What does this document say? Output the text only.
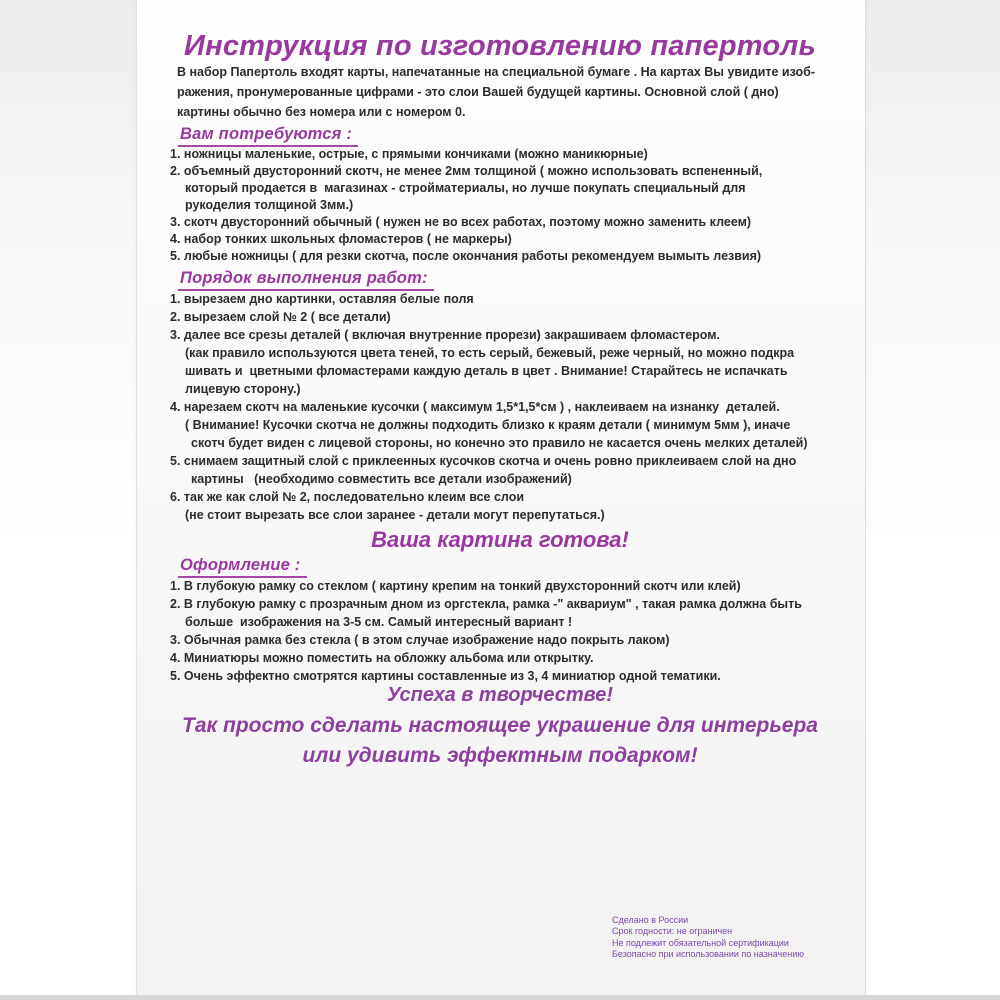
Инструкция по изготовлению папертоль
В набор Папертоль входят карты, напечатанные на специальной бумаге . На картах Вы увидите изоб-
ражения, пронумерованные цифрами - это слои Вашей будущей картины. Основной слой ( дно)
картины обычно без номера или с номером 0.
Вам потребуются :
1. ножницы маленькие, острые, с прямыми кончиками (можно маникюрные)
2. объемный двусторонний скотч, не менее 2мм толщиной ( можно использовать вспененный,
который продается в  магазинах - стройматериалы, но лучше покупать специальный для
рукоделия толщиной 3мм.)
3. скотч двусторонний обычный ( нужен не во всех работах, поэтому можно заменить клеем)
4. набор тонких школьных фломастеров ( не маркеры)
5. любые ножницы ( для резки скотча, после окончания работы рекомендуем вымыть лезвия)
Порядок выполнения работ:
1. вырезаем дно картинки, оставляя белые поля
2. вырезаем слой № 2 ( все детали)
3. далее все срезы деталей ( включая внутренние прорези) закрашиваем фломастером.
(как правило используются цвета теней, то есть серый, бежевый, реже черный, но можно подкра
шивать и  цветными фломастерами каждую деталь в цвет . Внимание! Старайтесь не испачкать
лицевую сторону.)
4. нарезаем скотч на маленькие кусочки ( максимум 1,5*1,5*см ) , наклеиваем на изнанку  деталей.
( Внимание! Кусочки скотча не должны подходить близко к краям детали ( минимум 5мм ), иначе
скотч будет виден с лицевой стороны, но конечно это правило не касается очень мелких деталей)
5. снимаем защитный слой с приклеенных кусочков скотча и очень ровно приклеиваем слой на дно
картины   (необходимо совместить все детали изображений)
6. так же как слой № 2, последовательно клеим все слои
(не стоит вырезать все слои заранее - детали могут перепутаться.)
Ваша картина готова!
Оформление :
1. В глубокую рамку со стеклом ( картину крепим на тонкий двухсторонний скотч или клей)
2. В глубокую рамку с прозрачным дном из оргстекла, рамка -" аквариум" , такая рамка должна быть
больше  изображения на 3-5 см. Самый интересный вариант !
3. Обычная рамка без стекла ( в этом случае изображение надо покрыть лаком)
4. Миниатюры можно поместить на обложку альбома или открытку.
5. Очень эффектно смотрятся картины составленные из 3, 4 миниатюр одной тематики.
Успеха в творчестве!
Так просто сделать настоящее украшение для интерьера
или удивить эффектным подарком!
Сделано в России
Срок годности: не ограничен
Не подлежит обязательной сертификации
Безопасно при использовании по назначению
